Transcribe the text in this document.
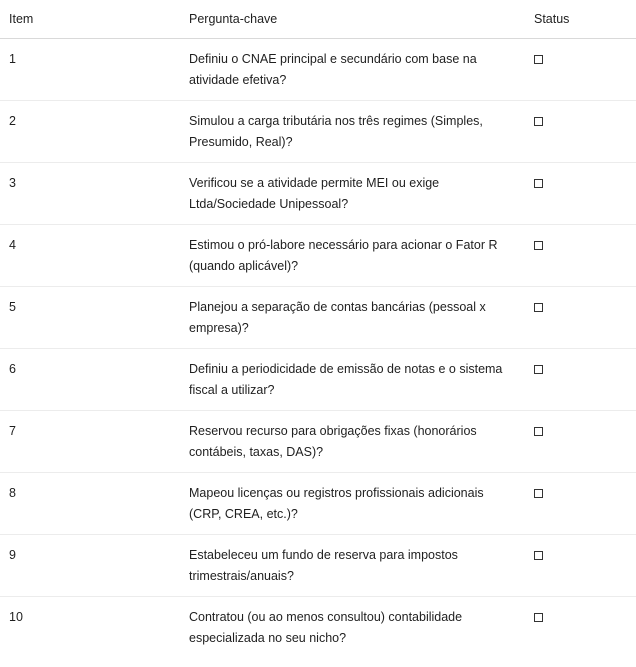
Item	Pergunta-chave	Status

1	Definiu o CNAE principal e secundário com base na atividade efetiva?	

2	Simulou a carga tributária nos três regimes (Simples, Presumido, Real)?	

3	Verificou se a atividade permite MEI ou exige Ltda/Sociedade Unipessoal?	

4	Estimou o pró-labore necessário para acionar o Fator R (quando aplicável)?	

5	Planejou a separação de contas bancárias (pessoal x empresa)?	

6	Definiu a periodicidade de emissão de notas e o sistema fiscal a utilizar?	

7	Reservou recurso para obrigações fixas (honorários contábeis, taxas, DAS)?	

8	Mapeou licenças ou registros profissionais adicionais (CRP, CREA, etc.)?	

9	Estabeleceu um fundo de reserva para impostos trimestrais/anuais?	

10	Contratou (ou ao menos consultou) contabilidade especializada no seu nicho?	
